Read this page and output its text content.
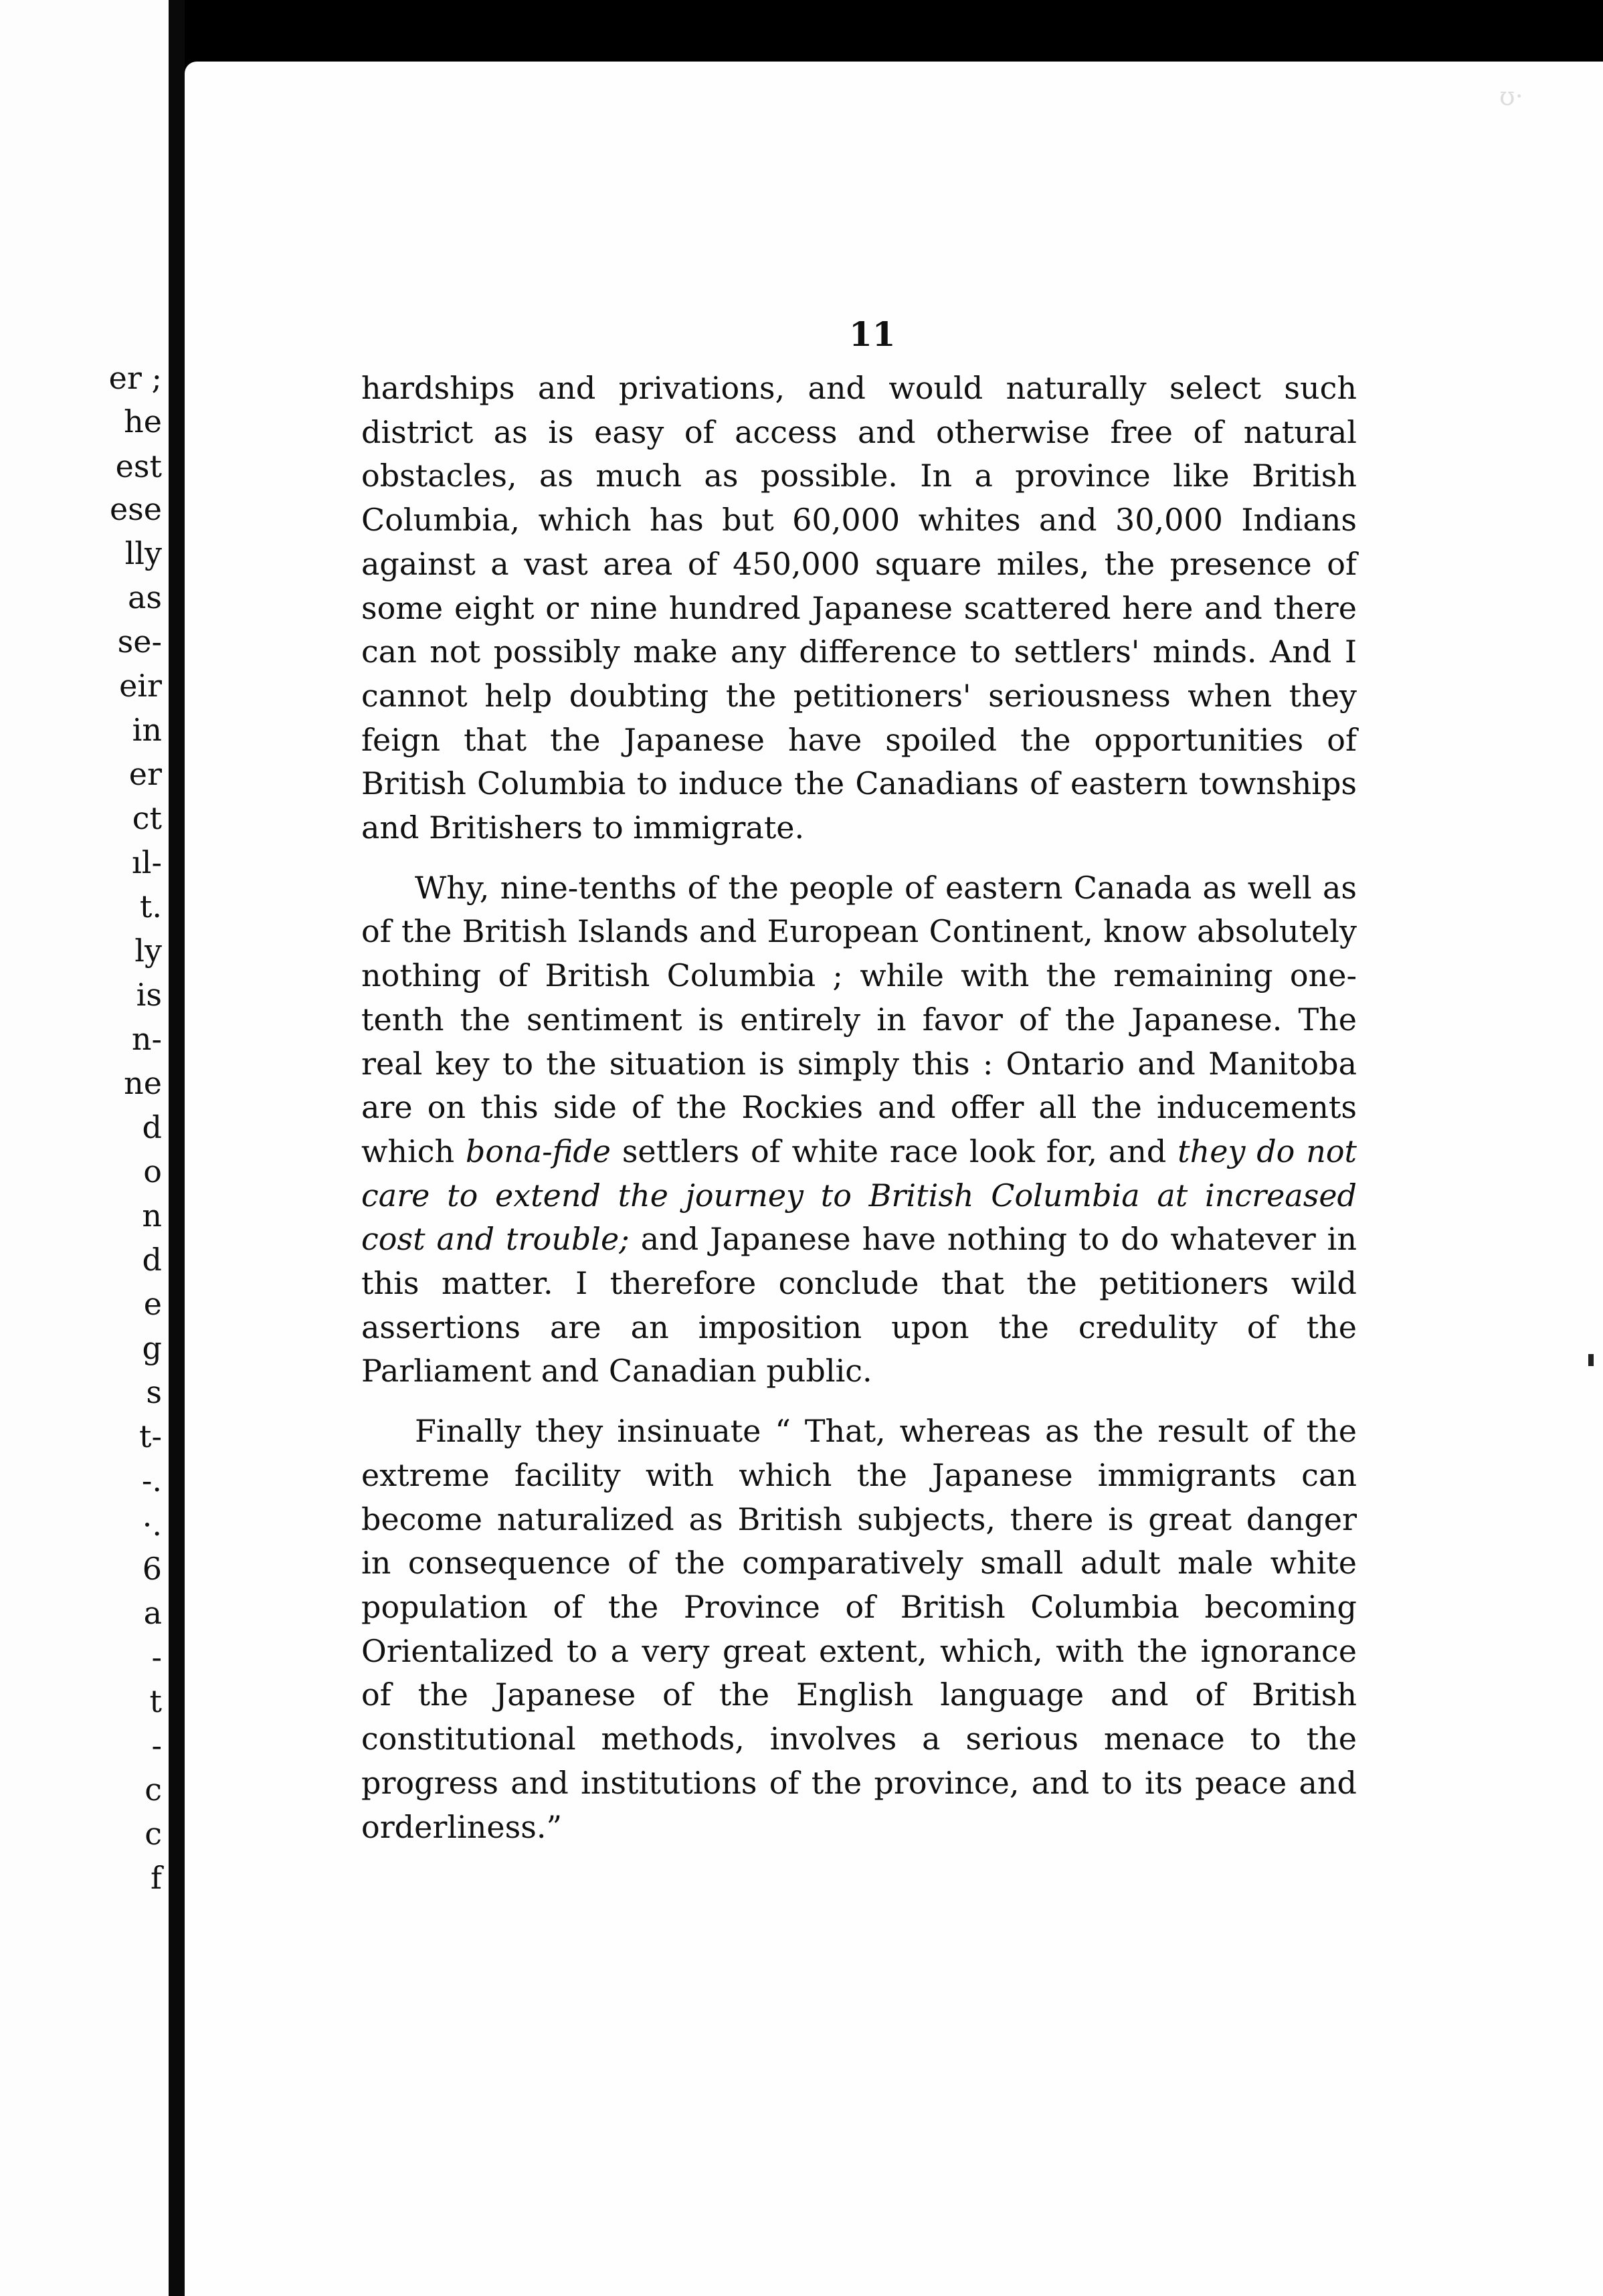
er ;
he
est
ese
lly
as
se-
eir
in
er
ct
ıl-
t.
ly
is
n-
ne
d
o
n
d
e
g
s
t-
-.
·.
6
a
-
t
-
c
c
f
ʊ·
11

hardships and privations, and would naturally select such district as is easy of access and otherwise free of natural obstacles, as much as possible. In a province like British Columbia, which has but 60,000 whites and 30,000 Indians against a vast area of 450,000 square miles, the presence of some eight or nine hundred Japanese scattered here and there can not possibly make any difference to settlers' minds. And I cannot help doubting the petitioners' seriousness when they feign that the Japanese have spoiled the opportunities of British Columbia to induce the Canadians of eastern townships and Britishers to immigrate.

Why, nine-tenths of the people of eastern Canada as well as of the British Islands and European Continent, know absolutely nothing of British Columbia ; while with the remaining one-tenth the sentiment is entirely in favor of the Japanese. The real key to the situation is simply this : Ontario and Manitoba are on this side of the Rockies and offer all the inducements which bona-fide settlers of white race look for, and they do not care to extend the journey to British Columbia at increased cost and trouble; and Japanese have nothing to do whatever in this matter. I therefore conclude that the petitioners wild assertions are an imposition upon the credulity of the Parliament and Canadian public.

Finally they insinuate “ That, whereas as the result of the extreme facility with which the Japanese immigrants can become naturalized as British subjects, there is great danger in consequence of the comparatively small adult male white population of the Province of British Columbia becoming Orientalized to a very great extent, which, with the ignorance of the Japanese of the English language and of British constitutional methods, involves a serious menace to the progress and institutions of the province, and to its peace and orderliness.”
